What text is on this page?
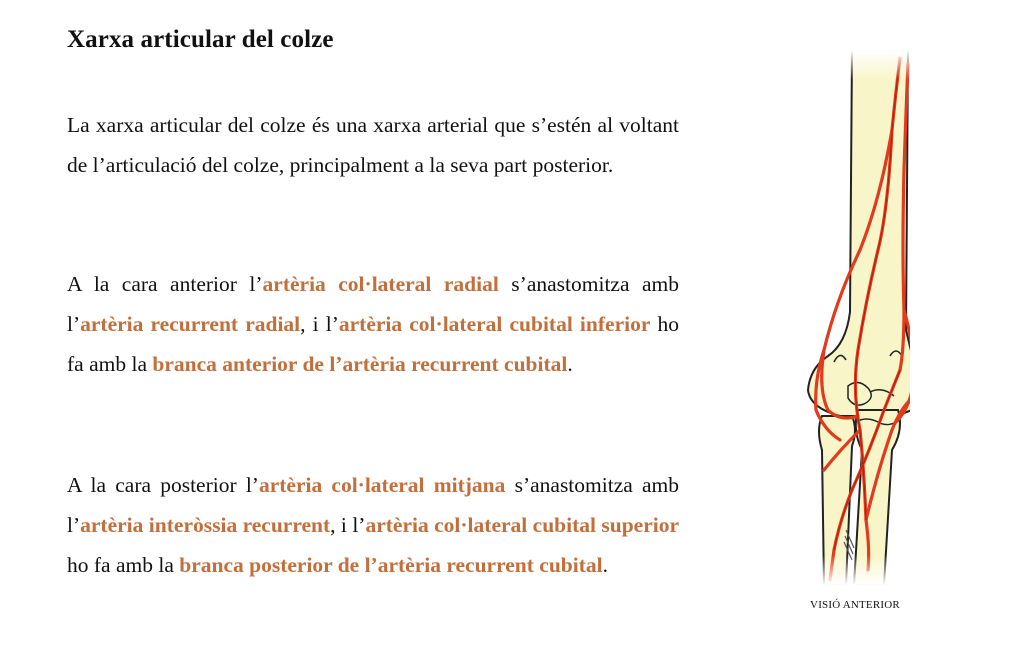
Xarxa articular del colze

La xarxa articular del colze és una xarxa arterial que s’estén al voltant de l’articulació del colze, principalment a la seva part posterior.

A la cara anterior l’artèria col·lateral radial s’anastomitza amb l’artèria recurrent radial, i l’artèria col·lateral cubital inferior ho fa amb la branca anterior de l’artèria recurrent cubital.

A la cara posterior l’artèria col·lateral mitjana s’anastomitza amb l’artèria interòssia recurrent, i l’artèria col·lateral cubital superior ho fa amb la branca posterior de l’artèria recurrent cubital.

VISIÓ ANTERIOR
